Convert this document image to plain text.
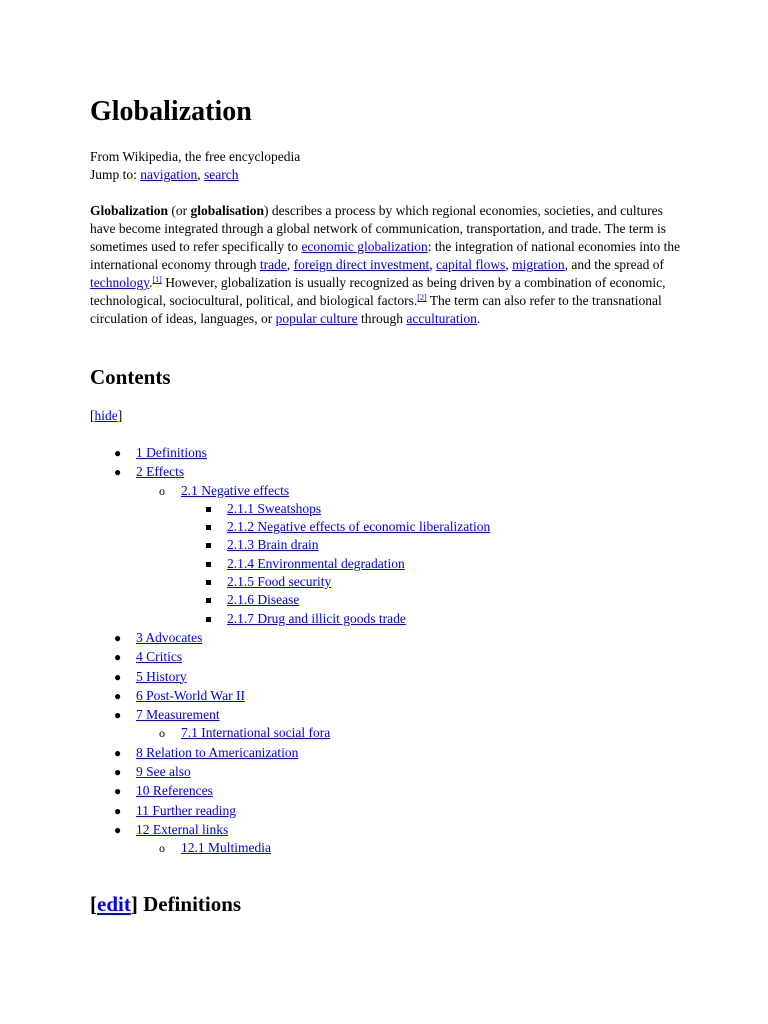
Globalization
From Wikipedia, the free encyclopedia
Jump to: navigation, search

Globalization (or globalisation) describes a process by which regional economies, societies, and cultures have become integrated through a global network of communication, transportation, and trade. The term is sometimes used to refer specifically to economic globalization: the integration of national economies into the international economy through trade, foreign direct investment, capital flows, migration, and the spread of technology.[1] However, globalization is usually recognized as being driven by a combination of economic, technological, sociocultural, political, and biological factors.[2] The term can also refer to the transnational circulation of ideas, languages, or popular culture through acculturation.

Contents
[hide]
● 1 Definitions
● 2 Effects
o 2.1 Negative effects
2.1.1 Sweatshops
2.1.2 Negative effects of economic liberalization
2.1.3 Brain drain
2.1.4 Environmental degradation
2.1.5 Food security
2.1.6 Disease
2.1.7 Drug and illicit goods trade
● 3 Advocates
● 4 Critics
● 5 History
● 6 Post-World War II
● 7 Measurement
o 7.1 International social fora
● 8 Relation to Americanization
● 9 See also
● 10 References
● 11 Further reading
● 12 External links
o 12.1 Multimedia
[edit] Definitions
